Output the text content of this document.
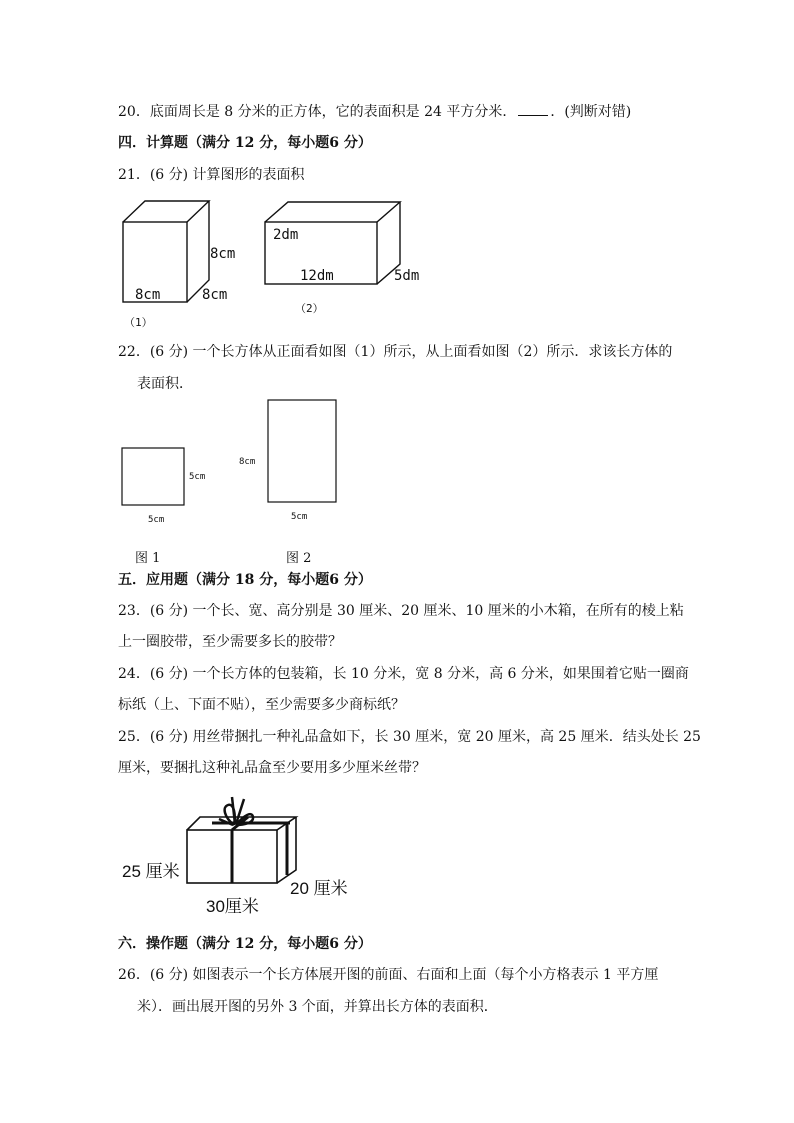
20．底面周长是 8 分米的正方体，它的表面积是 24 平方分米． ．(判断对错)
四．计算题（满分 12 分，每小题6 分）
21．(6 分) 计算图形的表面积
8cm
8cm	8cm
（1）
2dm
12dm	5dm
（2）
22．(6 分) 一个长方体从正面看如图（1）所示，从上面看如图（2）所示．求该长方体的
表面积．
5cm
5cm
8cm
5cm
图 1	图 2
五．应用题（满分 18 分，每小题6 分）
23．(6 分) 一个长、宽、高分别是 30 厘米、20 厘米、10 厘米的小木箱，在所有的棱上粘
上一圈胶带，至少需要多长的胶带？
24．(6 分) 一个长方体的包装箱，长 10 分米，宽 8 分米，高 6 分米，如果围着它贴一圈商
标纸（上、下面不贴），至少需要多少商标纸？
25．(6 分) 用丝带捆扎一种礼品盒如下，长 30 厘米，宽 20 厘米，高 25 厘米．结头处长 25
厘米，要捆扎这种礼品盒至少要用多少厘米丝带？
25 厘米
30厘米
20 厘米
六．操作题（满分 12 分，每小题6 分）
26．(6 分) 如图表示一个长方体展开图的前面、右面和上面（每个小方格表示 1 平方厘
米）．画出展开图的另外 3 个面，并算出长方体的表面积．
